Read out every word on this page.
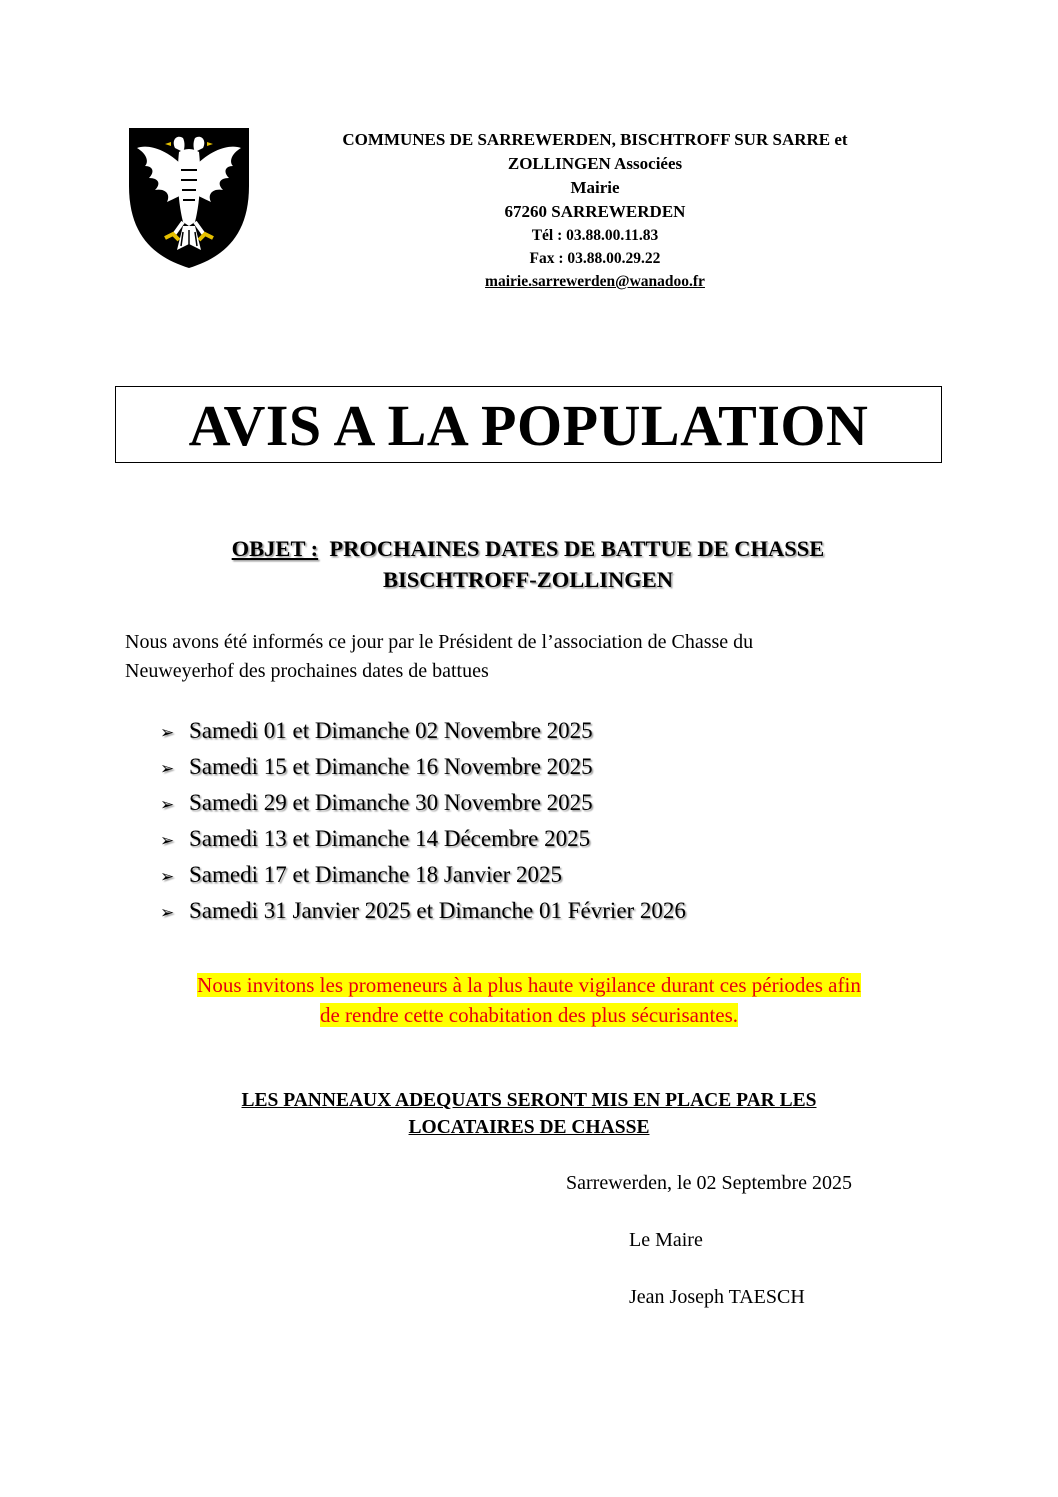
COMMUNES DE SARREWERDEN, BISCHTROFF SUR SARRE et
ZOLLINGEN Associées
Mairie
67260 SARREWERDEN
Tél : 03.88.00.11.83
Fax : 03.88.00.29.22
mairie.sarrewerden@wanadoo.fr
AVIS A LA POPULATION
OBJET : PROCHAINES DATES DE BATTUE DE CHASSE
BISCHTROFF-ZOLLINGEN
Nous avons été informés ce jour par le Président de l’association de Chasse du
Neuweyerhof des prochaines dates de battues
➢ Samedi 01 et Dimanche 02 Novembre 2025
➢ Samedi 15 et Dimanche 16 Novembre 2025
➢ Samedi 29 et Dimanche 30 Novembre 2025
➢ Samedi 13 et Dimanche 14 Décembre 2025
➢ Samedi 17 et Dimanche 18 Janvier 2025
➢ Samedi 31 Janvier 2025 et Dimanche 01 Février 2026
Nous invitons les promeneurs à la plus haute vigilance durant ces périodes afin
de rendre cette cohabitation des plus sécurisantes.
LES PANNEAUX ADEQUATS SERONT MIS EN PLACE PAR LES
LOCATAIRES DE CHASSE
Sarrewerden, le 02 Septembre 2025
Le Maire
Jean Joseph TAESCH
